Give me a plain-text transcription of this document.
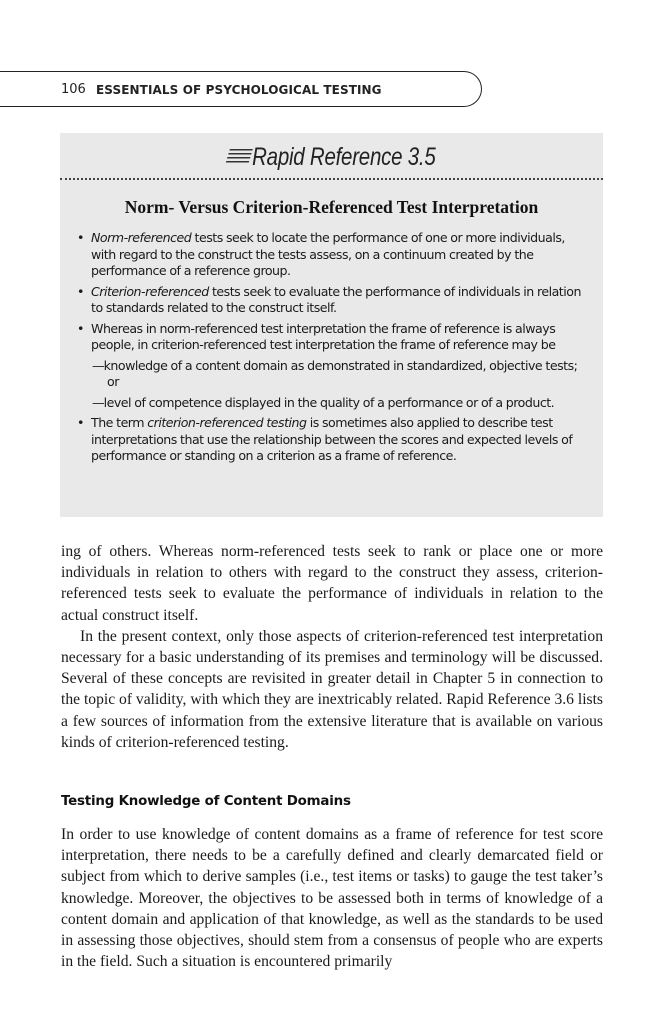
106 ESSENTIALS OF PSYCHOLOGICAL TESTING
Rapid Reference 3.5
Norm- Versus Criterion-Referenced Test Interpretation
• Norm-referenced tests seek to locate the performance of one or more individuals, with regard to the construct the tests assess, on a continuum created by the performance of a reference group.
• Criterion-referenced tests seek to evaluate the performance of individuals in relation to standards related to the construct itself.
• Whereas in norm-referenced test interpretation the frame of reference is always people, in criterion-referenced test interpretation the frame of reference may be
—knowledge of a content domain as demonstrated in standardized, objective tests; or
—level of competence displayed in the quality of a performance or of a product.
• The term criterion-referenced testing is sometimes also applied to describe test interpretations that use the relationship between the scores and expected levels of performance or standing on a criterion as a frame of reference.

ing of others. Whereas norm-referenced tests seek to rank or place one or more individuals in relation to others with regard to the construct they assess, criterion-referenced tests seek to evaluate the performance of individuals in relation to the actual construct itself.

In the present context, only those aspects of criterion-referenced test interpretation necessary for a basic understanding of its premises and terminology will be discussed. Several of these concepts are revisited in greater detail in Chapter 5 in connection to the topic of validity, with which they are inextricably related. Rapid Reference 3.6 lists a few sources of information from the extensive literature that is available on various kinds of criterion-referenced testing.

Testing Knowledge of Content Domains

In order to use knowledge of content domains as a frame of reference for test score interpretation, there needs to be a carefully defined and clearly demarcated field or subject from which to derive samples (i.e., test items or tasks) to gauge the test taker’s knowledge. Moreover, the objectives to be assessed both in terms of knowledge of a content domain and application of that knowledge, as well as the standards to be used in assessing those objectives, should stem from a consensus of people who are experts in the field. Such a situation is encountered primarily
